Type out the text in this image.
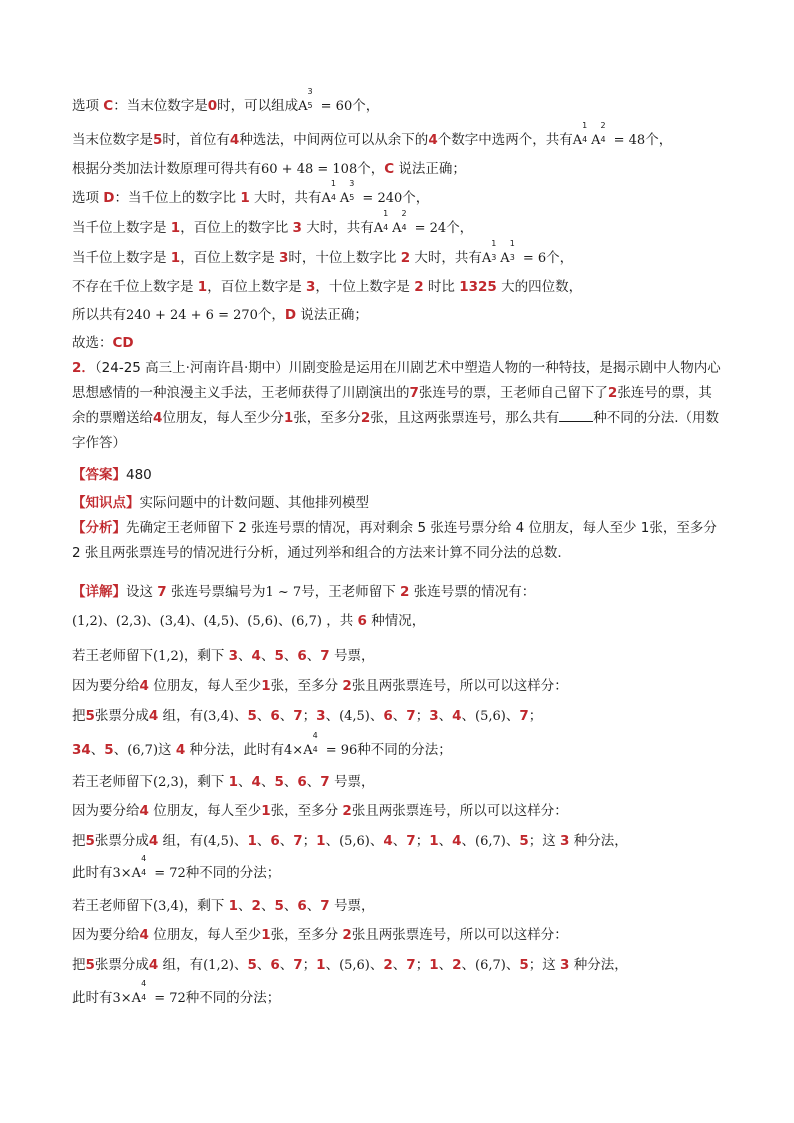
选项 C：当末位数字是0时，可以组成A
3
5 = 60个，
当末位数字是5时，首位有4种选法，中间两位可以从余下的4个数字中选两个，共有A
1
4 A
2
4 = 48个，
根据分类加法计数原理可得共有60 + 48 = 108个，C 说法正确；
选项 D：当千位上的数字比 1 大时，共有A
1
4 A
3
5 = 240个，
当千位上数字是 1，百位上的数字比 3 大时，共有A
1
4 A
2
4 = 24个，
当千位上数字是 1，百位上数字是 3时，十位上数字比 2 大时，共有A
1
3 A
1
3 = 6个，
不存在千位上数字是 1，百位上数字是 3，十位上数字是 2 时比 1325 大的四位数，
所以共有240 + 24 + 6 = 270个，D 说法正确；
故选：CD
2．（24-25 高三上·河南许昌·期中）川剧变脸是运用在川剧艺术中塑造人物的一种特技，是揭示剧中人物内心思想感情的一种浪漫主义手法，王老师获得了川剧演出的7张连号的票，王老师自己留下了2张连号的票，其余的票赠送给4位朋友，每人至少分1张，至多分2张，且这两张票连号，那么共有	种不同的分法.（用数字作答）
【答案】480
【知识点】实际问题中的计数问题、其他排列模型
【分析】先确定王老师留下 2 张连号票的情况，再对剩余 5 张连号票分给 4 位朋友，每人至少 1张，至多分 2 张且两张票连号的情况进行分析，通过列举和组合的方法来计算不同分法的总数.
【详解】设这 7 张连号票编号为1 ~ 7号，王老师留下 2 张连号票的情况有：
(1,2)、(2,3)、(3,4)、(4,5)、(5,6)、(6,7) ，共 6 种情况，
若王老师留下(1,2)，剩下 3、4、5、6、7 号票，
因为要分给4 位朋友，每人至少1张，至多分 2张且两张票连号，所以可以这样分：
把5张票分成4 组，有(3,4)、5、6、7；3、(4,5)、6、7；3、4、(5,6)、7；
34、5、(6,7)这 4 种分法，此时有4×A
4
4 = 96种不同的分法；
若王老师留下(2,3)，剩下 1、4、5、6、7 号票，
因为要分给4 位朋友，每人至少1张，至多分 2张且两张票连号，所以可以这样分：
把5张票分成4 组，有(4,5)、1、6、7；1、(5,6)、4、7；1、4、(6,7)、5；这 3 种分法，
此时有3×A
4
4 = 72种不同的分法；
若王老师留下(3,4)，剩下 1、2、5、6、7 号票，
因为要分给4 位朋友，每人至少1张，至多分 2张且两张票连号，所以可以这样分：
把5张票分成4 组，有(1,2)、5、6、7；1、(5,6)、2、7；1、2、(6,7)、5；这 3 种分法，
此时有3×A
4
4 = 72种不同的分法；
